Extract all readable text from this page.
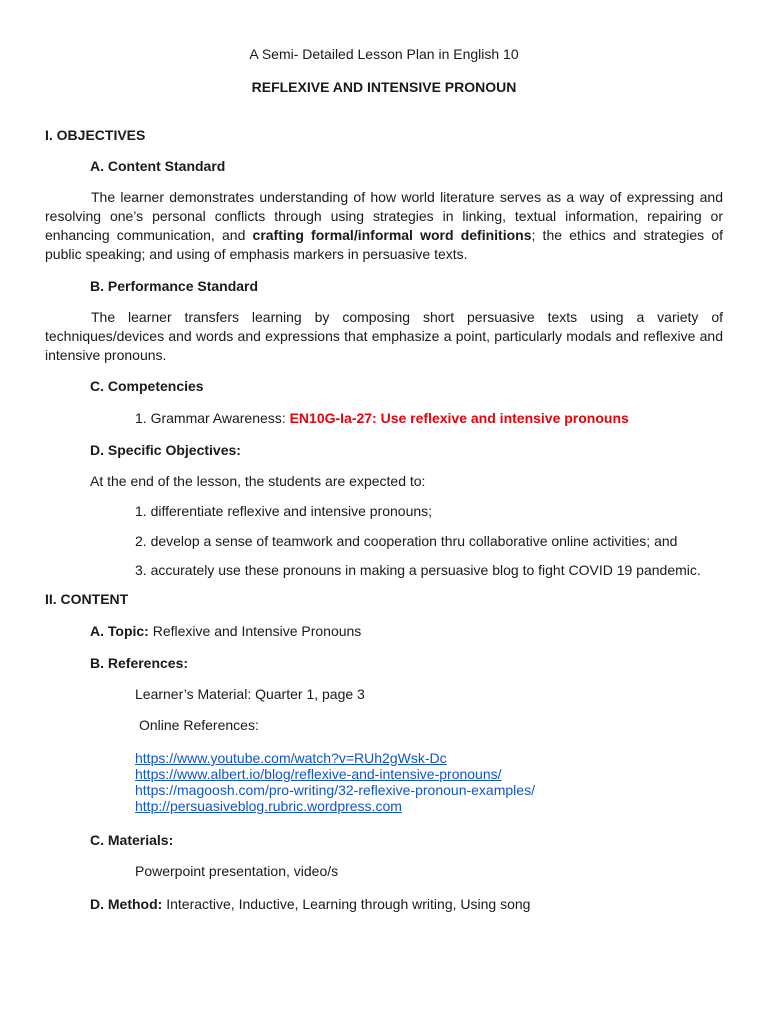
A Semi- Detailed Lesson Plan in English 10
REFLEXIVE AND INTENSIVE PRONOUN
I. OBJECTIVES
A. Content Standard

The learner demonstrates understanding of how world literature serves as a way of expressing and resolving one’s personal conflicts through using strategies in linking, textual information, repairing or enhancing communication, and crafting formal/informal word definitions; the ethics and strategies of public speaking; and using of emphasis markers in persuasive texts.

B. Performance Standard

The learner transfers learning by composing short persuasive texts using a variety of techniques/devices and words and expressions that emphasize a point, particularly modals and reflexive and intensive pronouns.

C. Competencies
1. Grammar Awareness: EN10G-Ia-27: Use reflexive and intensive pronouns
D. Specific Objectives:
At the end of the lesson, the students are expected to:
1. differentiate reflexive and intensive pronouns;
2. develop a sense of teamwork and cooperation thru collaborative online activities; and
3. accurately use these pronouns in making a persuasive blog to fight COVID 19 pandemic.
II. CONTENT
A. Topic: Reflexive and Intensive Pronouns
B. References:
Learner’s Material: Quarter 1, page 3
Online References:
https://www.youtube.com/watch?v=RUh2gWsk-Dc
https://www.albert.io/blog/reflexive-and-intensive-pronouns/
https://magoosh.com/pro-writing/32-reflexive-pronoun-examples/
http://persuasiveblog.rubric.wordpress.com
C. Materials:
Powerpoint presentation, video/s
D. Method: Interactive, Inductive, Learning through writing, Using song
